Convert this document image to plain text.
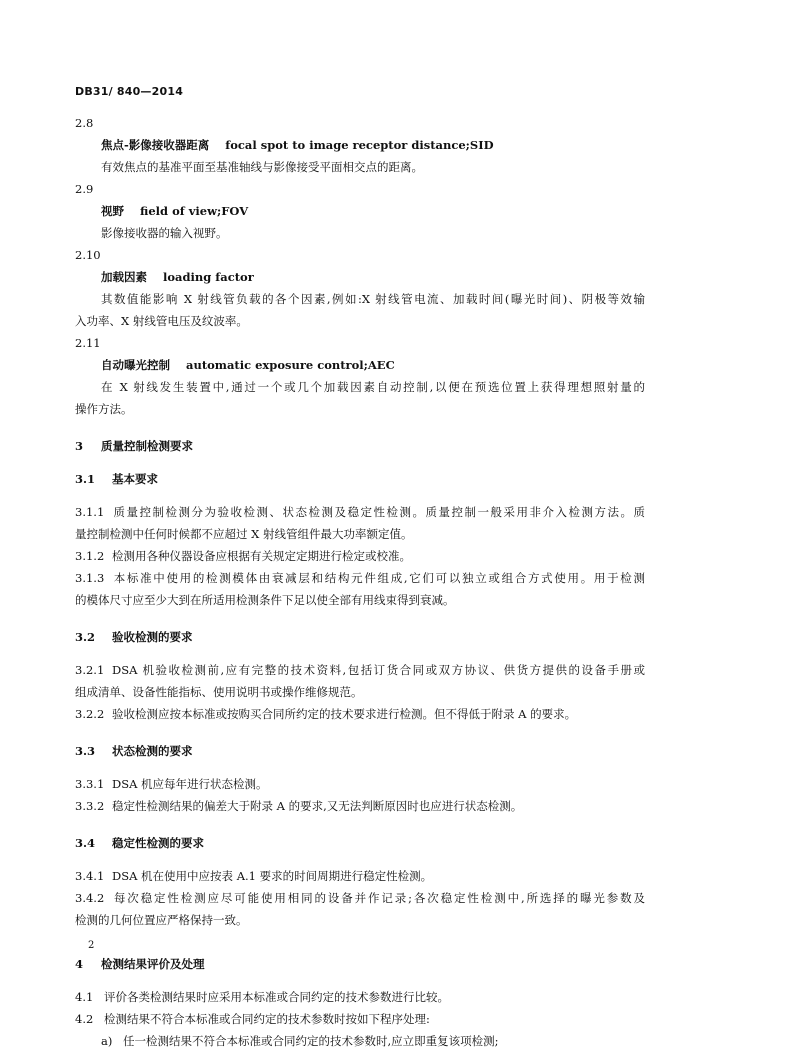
DB31/ 840—2014
2.8
焦点-影像接收器距离 focal spot to image receptor distance;SID
有效焦点的基准平面至基准轴线与影像接受平面相交点的距离。
2.9
视野 field of view;FOV
影像接收器的输入视野。
2.10
加载因素 loading factor
其数值能影响 X 射线管负载的各个因素,例如:X 射线管电流、加载时间(曝光时间)、阴极等效输
入功率、X 射线管电压及纹波率。
2.11
自动曝光控制 automatic exposure control;AEC
在 X 射线发生装置中,通过一个或几个加载因素自动控制,以便在预选位置上获得理想照射量的
操作方法。
3 质量控制检测要求
3.1 基本要求
3.1.1 质量控制检测分为验收检测、状态检测及稳定性检测。质量控制一般采用非介入检测方法。质
量控制检测中任何时候都不应超过 X 射线管组件最大功率额定值。
3.1.2 检测用各种仪器设备应根据有关规定定期进行检定或校准。
3.1.3 本标准中使用的检测模体由衰减层和结构元件组成,它们可以独立或组合方式使用。用于检测
的模体尺寸应至少大到在所适用检测条件下足以使全部有用线束得到衰减。
3.2 验收检测的要求
3.2.1 DSA 机验收检测前,应有完整的技术资料,包括订货合同或双方协议、供货方提供的设备手册或
组成清单、设备性能指标、使用说明书或操作维修规范。
3.2.2 验收检测应按本标准或按购买合同所约定的技术要求进行检测。但不得低于附录 A 的要求。
3.3 状态检测的要求
3.3.1 DSA 机应每年进行状态检测。
3.3.2 稳定性检测结果的偏差大于附录 A 的要求,又无法判断原因时也应进行状态检测。
3.4 稳定性检测的要求
3.4.1 DSA 机在使用中应按表 A.1 要求的时间周期进行稳定性检测。
3.4.2 每次稳定性检测应尽可能使用相同的设备并作记录;各次稳定性检测中,所选择的曝光参数及
检测的几何位置应严格保持一致。
4 检测结果评价及处理
4.1 评价各类检测结果时应采用本标准或合同约定的技术参数进行比较。
4.2 检测结果不符合本标准或合同约定的技术参数时按如下程序处理:
a) 任一检测结果不符合本标准或合同约定的技术参数时,应立即重复该项检测;
2
